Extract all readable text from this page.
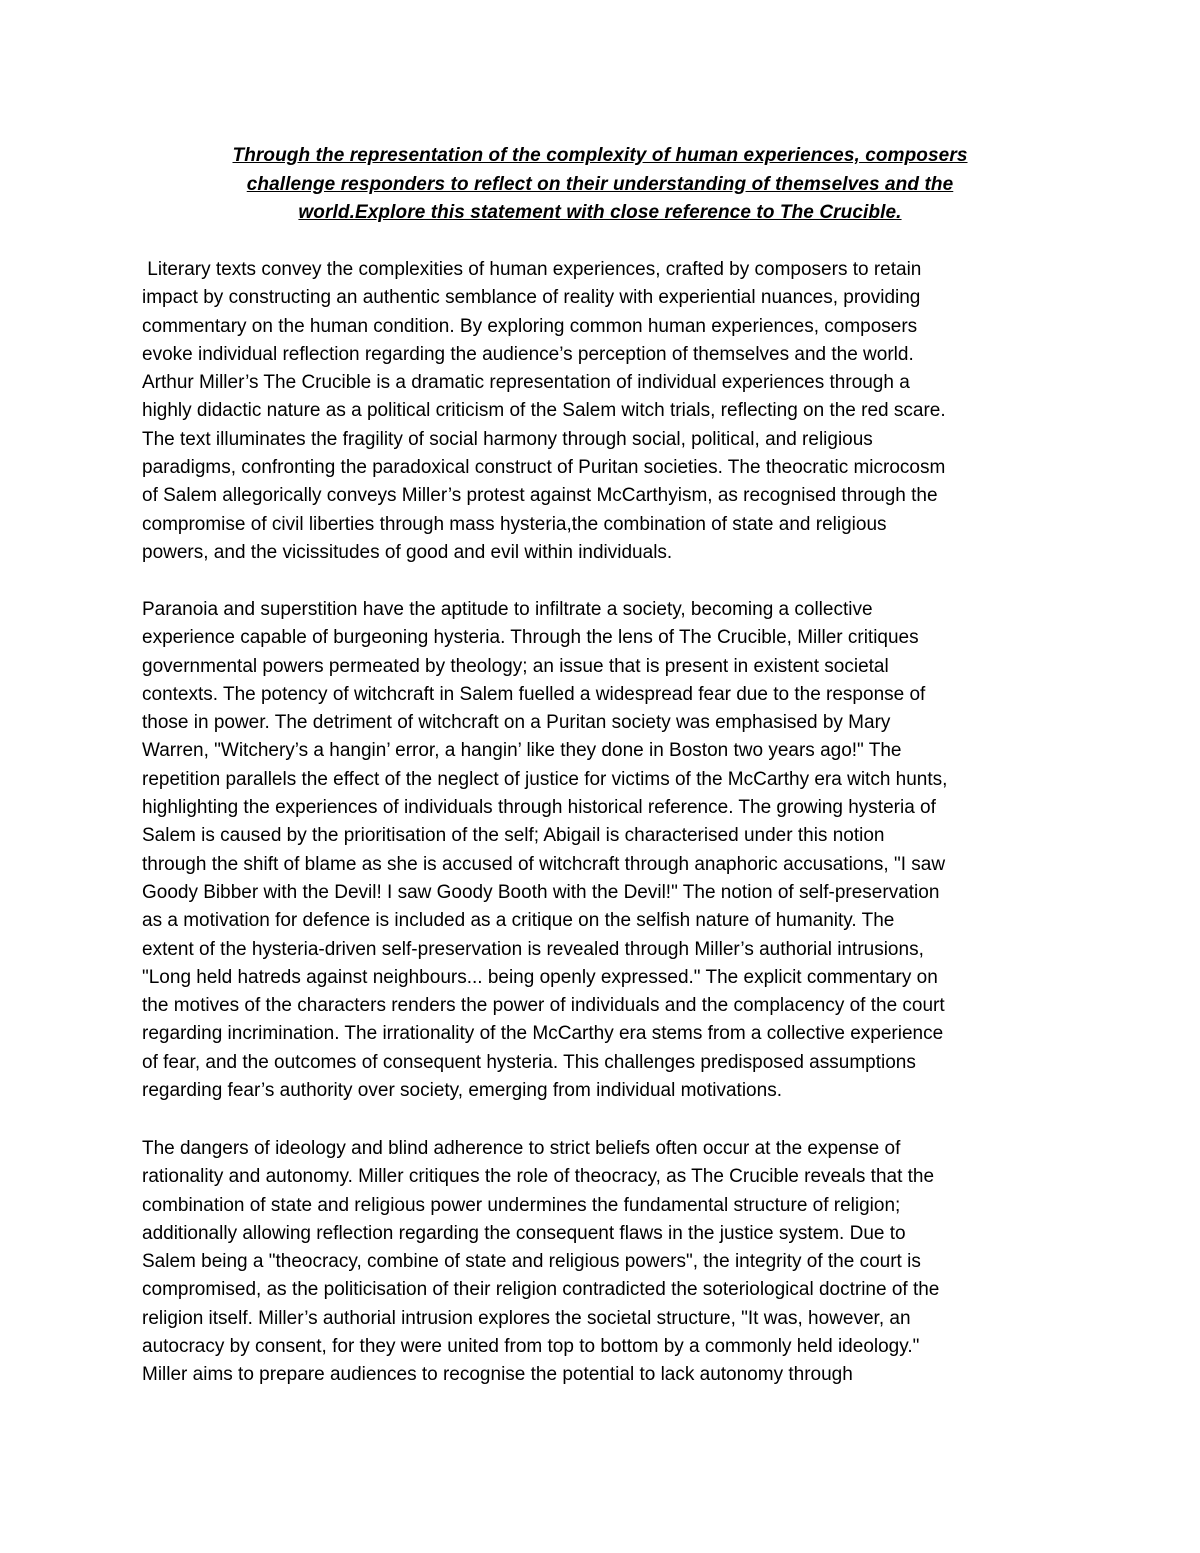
Through the representation of the complexity of human experiences, composers
challenge responders to reflect on their understanding of themselves and the
world.Explore this statement with close reference to The Crucible.

Literary texts convey the complexities of human experiences, crafted by composers to retain
impact by constructing an authentic semblance of reality with experiential nuances, providing
commentary on the human condition. By exploring common human experiences, composers
evoke individual reflection regarding the audience’s perception of themselves and the world.
Arthur Miller’s The Crucible is a dramatic representation of individual experiences through a
highly didactic nature as a political criticism of the Salem witch trials, reflecting on the red scare.
The text illuminates the fragility of social harmony through social, political, and religious
paradigms, confronting the paradoxical construct of Puritan societies. The theocratic microcosm
of Salem allegorically conveys Miller’s protest against McCarthyism, as recognised through the
compromise of civil liberties through mass hysteria,the combination of state and religious
powers, and the vicissitudes of good and evil within individuals.

Paranoia and superstition have the aptitude to infiltrate a society, becoming a collective
experience capable of burgeoning hysteria. Through the lens of The Crucible, Miller critiques
governmental powers permeated by theology; an issue that is present in existent societal
contexts. The potency of witchcraft in Salem fuelled a widespread fear due to the response of
those in power. The detriment of witchcraft on a Puritan society was emphasised by Mary
Warren, "Witchery’s a hangin’ error, a hangin’ like they done in Boston two years ago!" The
repetition parallels the effect of the neglect of justice for victims of the McCarthy era witch hunts,
highlighting the experiences of individuals through historical reference. The growing hysteria of
Salem is caused by the prioritisation of the self; Abigail is characterised under this notion
through the shift of blame as she is accused of witchcraft through anaphoric accusations, "I saw
Goody Bibber with the Devil! I saw Goody Booth with the Devil!" The notion of self-preservation
as a motivation for defence is included as a critique on the selfish nature of humanity. The
extent of the hysteria-driven self-preservation is revealed through Miller’s authorial intrusions,
"Long held hatreds against neighbours... being openly expressed." The explicit commentary on
the motives of the characters renders the power of individuals and the complacency of the court
regarding incrimination. The irrationality of the McCarthy era stems from a collective experience
of fear, and the outcomes of consequent hysteria. This challenges predisposed assumptions
regarding fear’s authority over society, emerging from individual motivations.

The dangers of ideology and blind adherence to strict beliefs often occur at the expense of
rationality and autonomy. Miller critiques the role of theocracy, as The Crucible reveals that the
combination of state and religious power undermines the fundamental structure of religion;
additionally allowing reflection regarding the consequent flaws in the justice system. Due to
Salem being a "theocracy, combine of state and religious powers", the integrity of the court is
compromised, as the politicisation of their religion contradicted the soteriological doctrine of the
religion itself. Miller’s authorial intrusion explores the societal structure, "It was, however, an
autocracy by consent, for they were united from top to bottom by a commonly held ideology."
Miller aims to prepare audiences to recognise the potential to lack autonomy through
